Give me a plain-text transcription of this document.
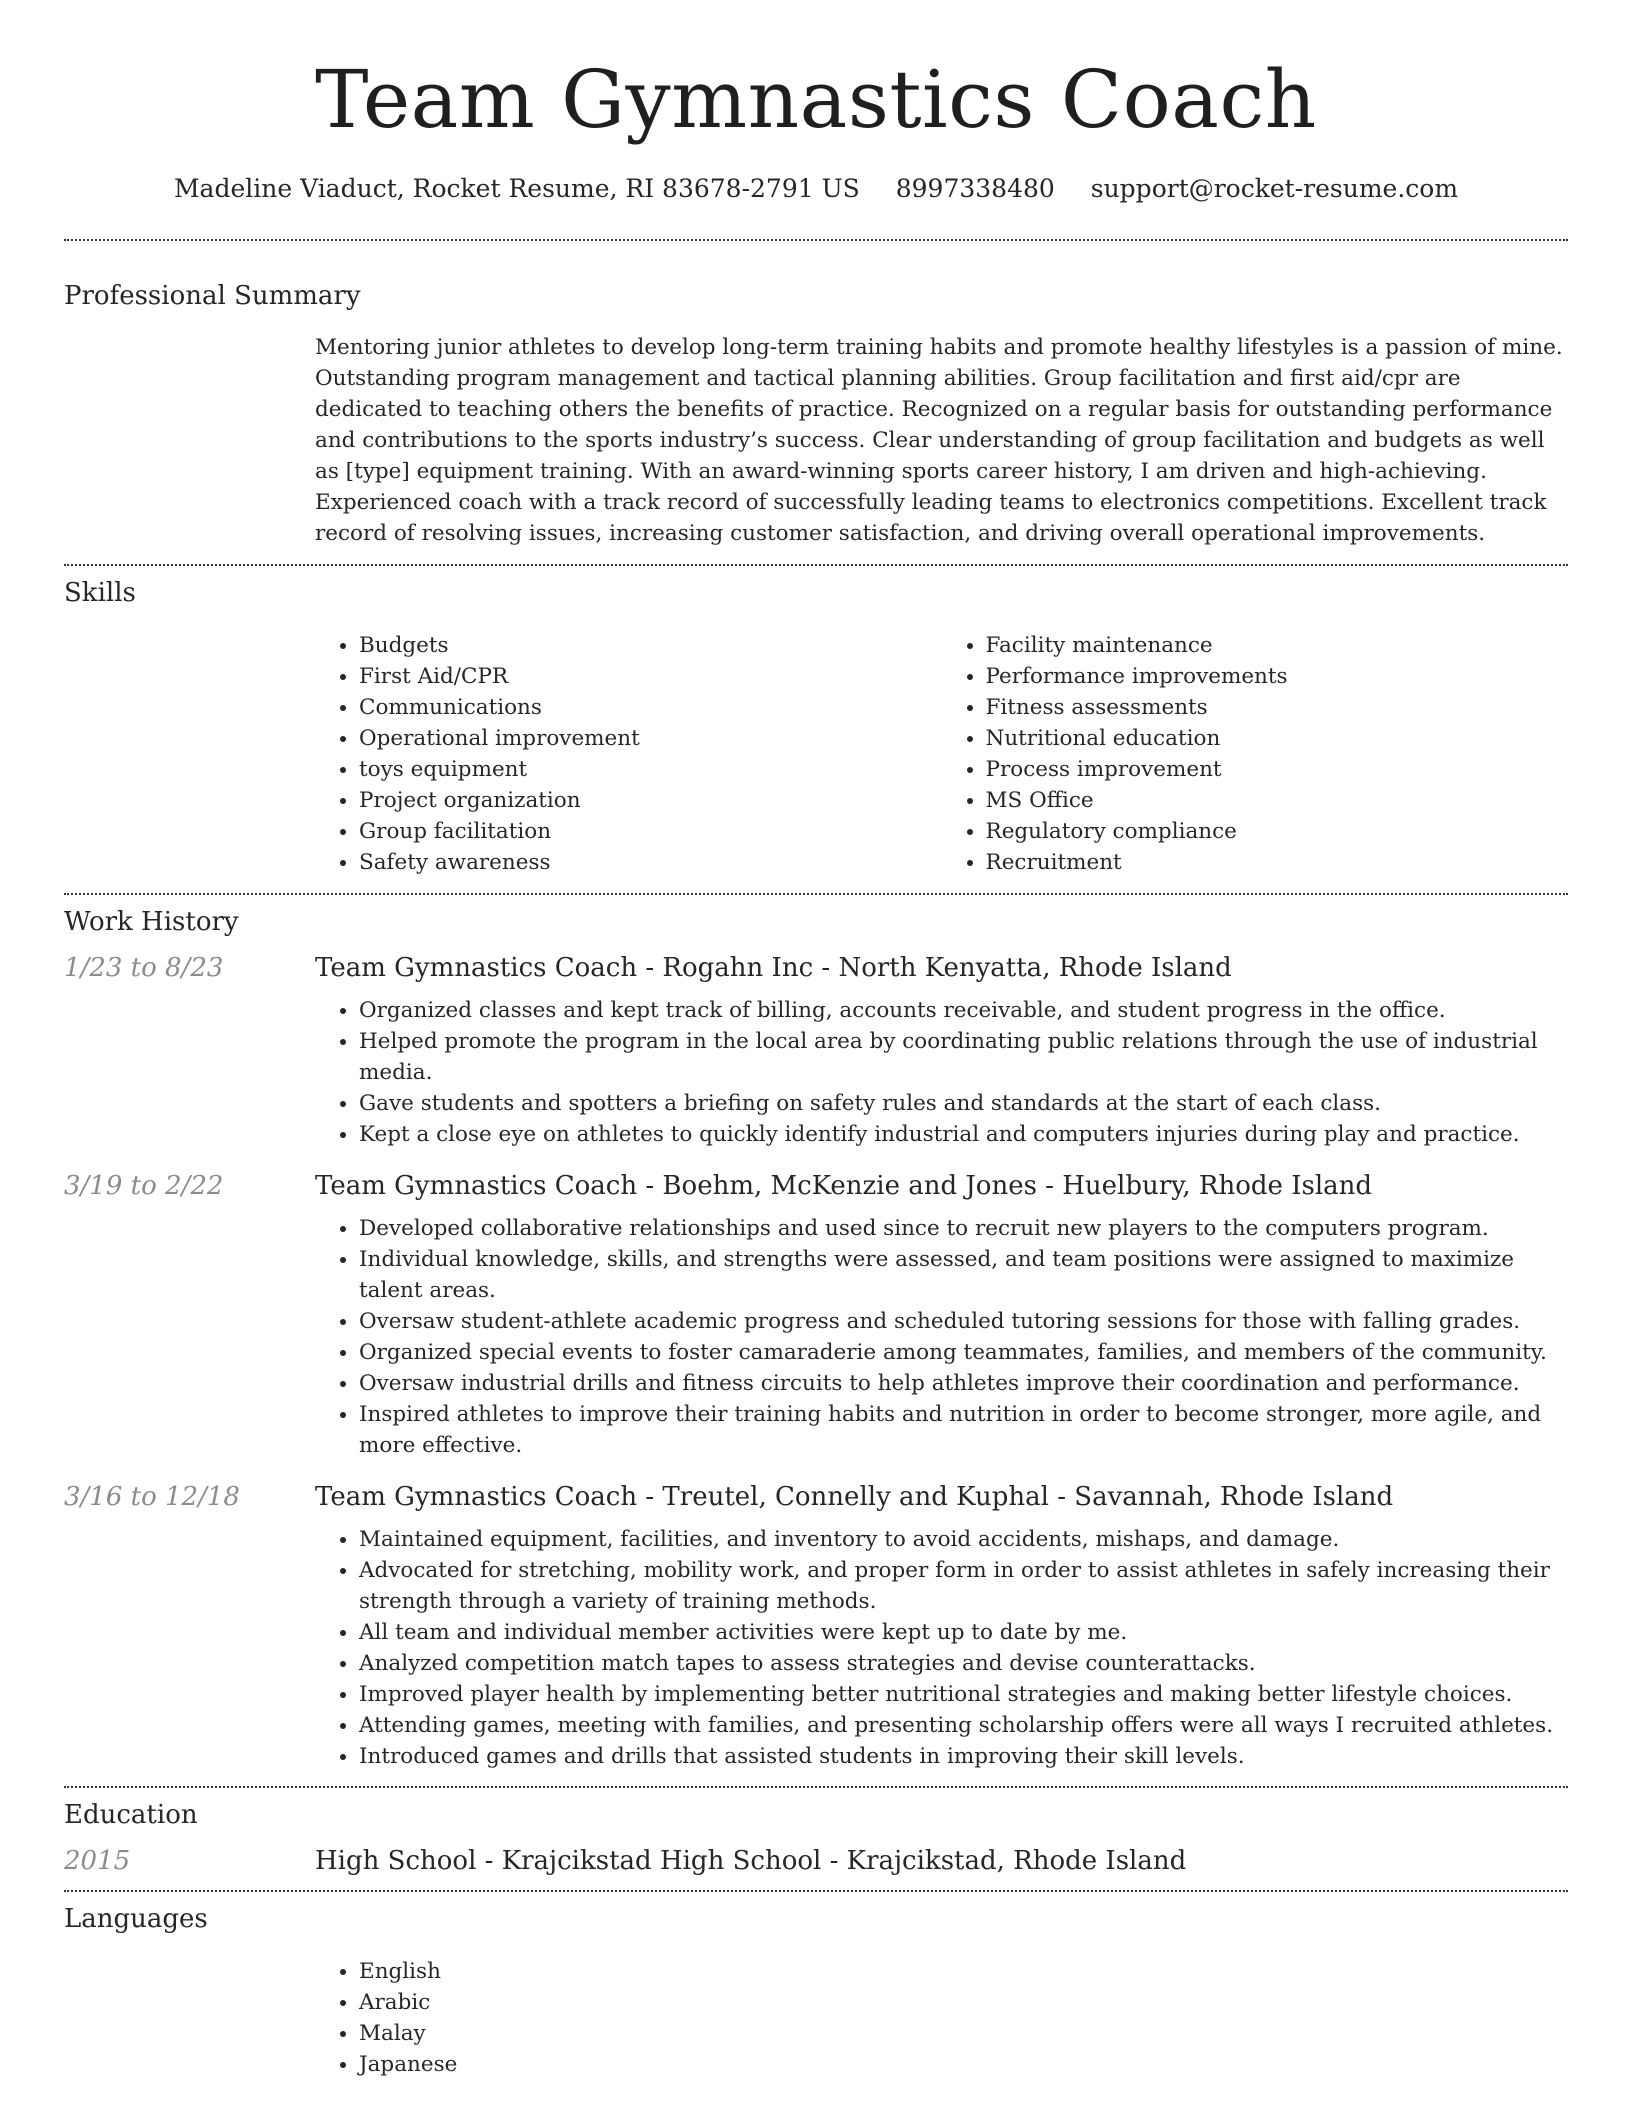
Team Gymnastics Coach
Madeline Viaduct, Rocket Resume, RI 83678-2791 US 8997338480 support@rocket-resume.com
Professional Summary

Mentoring junior athletes to develop long-term training habits and promote healthy lifestyles is a passion of mine. Outstanding program management and tactical planning abilities. Group facilitation and first aid/cpr are dedicated to teaching others the benefits of practice. Recognized on a regular basis for outstanding performance and contributions to the sports industry’s success. Clear understanding of group facilitation and budgets as well as [type] equipment training. With an award-winning sports career history, I am driven and high-achieving. Experienced coach with a track record of successfully leading teams to electronics competitions. Excellent track record of resolving issues, increasing customer satisfaction, and driving overall operational improvements.

Skills
• Budgets
• First Aid/CPR
• Communications
• Operational improvement
• toys equipment
• Project organization
• Group facilitation
• Safety awareness
• Facility maintenance
• Performance improvements
• Fitness assessments
• Nutritional education
• Process improvement
• MS Office
• Regulatory compliance
• Recruitment
Work History
1/23 to 8/23	Team Gymnastics Coach - Rogahn Inc - North Kenyatta, Rhode Island
• Organized classes and kept track of billing, accounts receivable, and student progress in the office.
• Helped promote the program in the local area by coordinating public relations through the use of industrial media.
• Gave students and spotters a briefing on safety rules and standards at the start of each class.
• Kept a close eye on athletes to quickly identify industrial and computers injuries during play and practice.
3/19 to 2/22	Team Gymnastics Coach - Boehm, McKenzie and Jones - Huelbury, Rhode Island
• Developed collaborative relationships and used since to recruit new players to the computers program.
• Individual knowledge, skills, and strengths were assessed, and team positions were assigned to maximize talent areas.
• Oversaw student-athlete academic progress and scheduled tutoring sessions for those with falling grades.
• Organized special events to foster camaraderie among teammates, families, and members of the community.
• Oversaw industrial drills and fitness circuits to help athletes improve their coordination and performance.
• Inspired athletes to improve their training habits and nutrition in order to become stronger, more agile, and more effective.
3/16 to 12/18	Team Gymnastics Coach - Treutel, Connelly and Kuphal - Savannah, Rhode Island
• Maintained equipment, facilities, and inventory to avoid accidents, mishaps, and damage.
• Advocated for stretching, mobility work, and proper form in order to assist athletes in safely increasing their strength through a variety of training methods.
• All team and individual member activities were kept up to date by me.
• Analyzed competition match tapes to assess strategies and devise counterattacks.
• Improved player health by implementing better nutritional strategies and making better lifestyle choices.
• Attending games, meeting with families, and presenting scholarship offers were all ways I recruited athletes.
• Introduced games and drills that assisted students in improving their skill levels.
Education
2015	High School - Krajcikstad High School - Krajcikstad, Rhode Island
Languages
• English
• Arabic
• Malay
• Japanese
